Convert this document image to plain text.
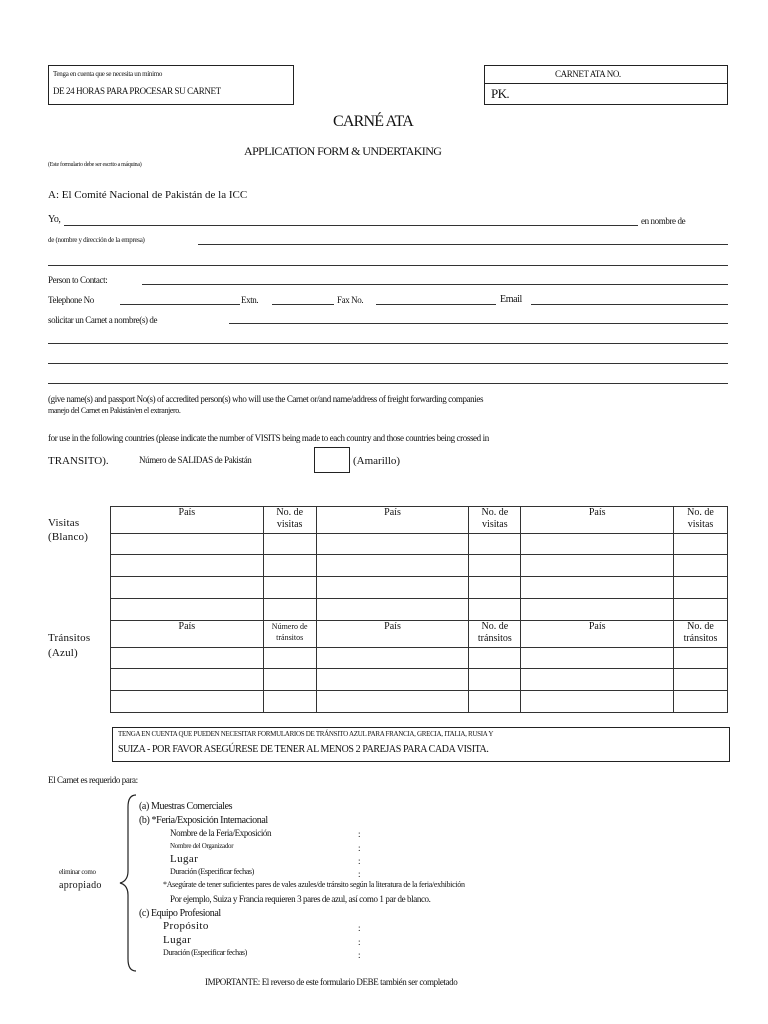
Tenga en cuenta que se necesita un mínimo
DE 24 HORAS PARA PROCESAR SU CARNET
CARNET ATA NO.
PK.
CARNÉ ATA
APPLICATION FORM & UNDERTAKING
(Este formulario debe ser escrito a máquina)
A: El Comité Nacional de Pakistán de la ICC
Yo,	en nombre de
de (nombre y dirección de la empresa)
Person to Contact:
Telephone No	Extn.	Fax No.	Email
solicitar un Carnet a nombre(s) de
(give name(s) and passport No(s) of accredited person(s) who will use the Carnet or/and name/address of freight forwarding companies
manejo del Carnet en Pakistán/en el extranjero.
for use in the following countries (please indicate the number of VISITS being made to each country and those countries being crossed in
TRANSITO).	Número de SALIDAS de Pakistán	(Amarillo)
Visitas
(Blanco)
Tránsitos
(Azul)
País	No. de visitas	País	No. de visitas	País	No. de visitas

País	Número de tránsitos	País	No. de tránsitos	País	No. de tránsitos

TENGA EN CUENTA QUE PUEDEN NECESITAR FORMULARIOS DE TRÁNSITO AZUL PARA FRANCIA, GRECIA, ITALIA, RUSIA Y
SUIZA - POR FAVOR ASEGÚRESE DE TENER AL MENOS 2 PAREJAS PARA CADA VISITA.
El Carnet es requerido para:
eliminar como
apropiado
(a) Muestras Comerciales
(b) *Feria/Exposición Internacional
Nombre de la Feria/Exposición	:
Nombre del Organizador	:
Lugar	:
Duración (Especificar fechas)	:
*Asegúrate de tener suficientes pares de vales azules/de tránsito según la literatura de la feria/exhibición
Por ejemplo, Suiza y Francia requieren 3 pares de azul, así como 1 par de blanco.
(c) Equipo Profesional
Propósito	:
Lugar	:
Duración (Especificar fechas)	:
IMPORTANTE: El reverso de este formulario DEBE también ser completado
